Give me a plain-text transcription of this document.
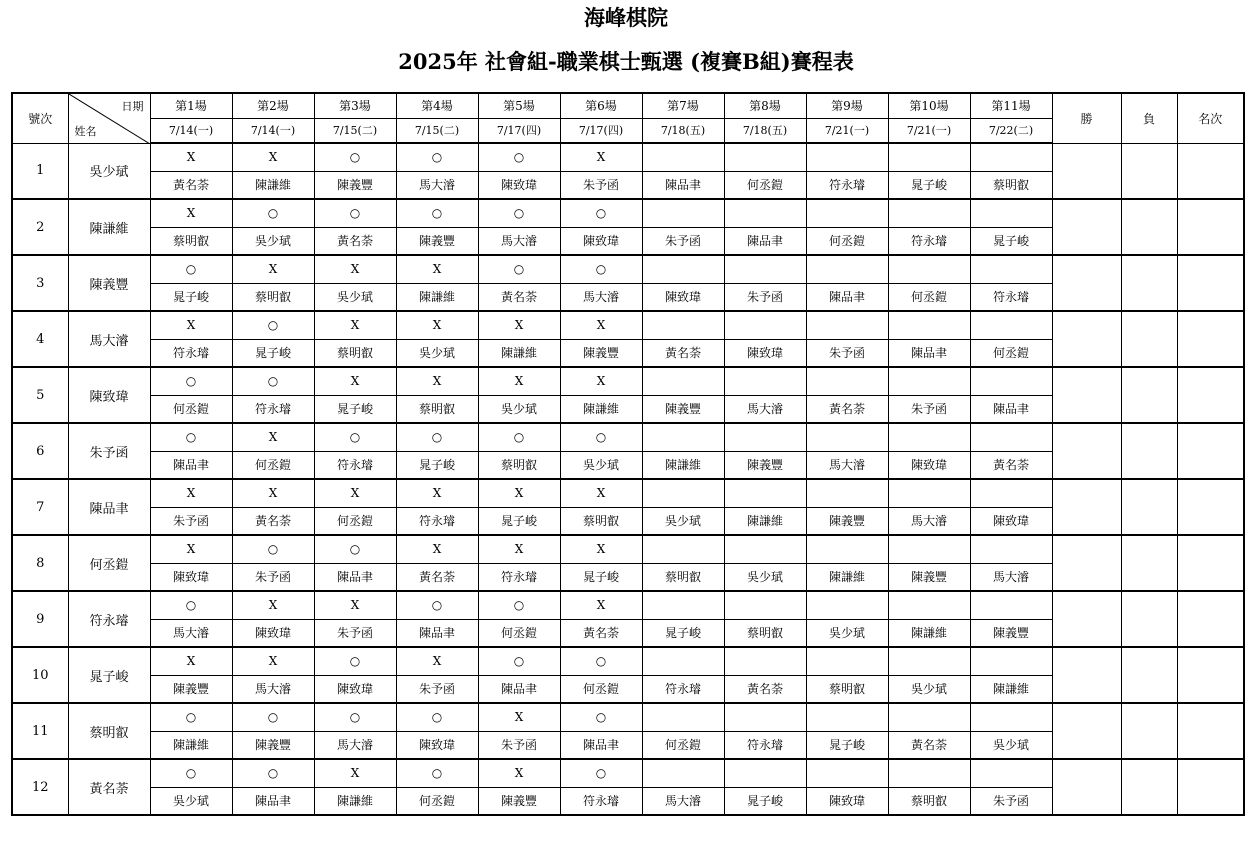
海峰棋院
2025年 社會組-職業棋士甄選 (複賽B組)賽程表
號次	日期
姓名	第1場	第2場	第3場	第4場	第5場	第6場	第7場	第8場	第9場	第10場	第11場	勝	負	名次
		7/14(一)	7/14(一)	7/15(二)	7/15(二)	7/17(四)	7/17(四)	7/18(五)	7/18(五)	7/21(一)	7/21(一)	7/22(二)			
1	吳少珷	X	X	○	○	○	X								
		黃名荼	陳謙維	陳義豐	馬大濬	陳致瑋	朱予函	陳品聿	何丞鎧	符永璿	晁子峻	蔡明叡			
2	陳謙維	X	○	○	○	○	○								
		蔡明叡	吳少珷	黃名荼	陳義豐	馬大濬	陳致瑋	朱予函	陳品聿	何丞鎧	符永璿	晁子峻			
3	陳義豐	○	X	X	X	○	○								
		晁子峻	蔡明叡	吳少珷	陳謙維	黃名荼	馬大濬	陳致瑋	朱予函	陳品聿	何丞鎧	符永璿			
4	馬大濬	X	○	X	X	X	X								
		符永璿	晁子峻	蔡明叡	吳少珷	陳謙維	陳義豐	黃名荼	陳致瑋	朱予函	陳品聿	何丞鎧			
5	陳致瑋	○	○	X	X	X	X								
		何丞鎧	符永璿	晁子峻	蔡明叡	吳少珷	陳謙維	陳義豐	馬大濬	黃名荼	朱予函	陳品聿			
6	朱予函	○	X	○	○	○	○								
		陳品聿	何丞鎧	符永璿	晁子峻	蔡明叡	吳少珷	陳謙維	陳義豐	馬大濬	陳致瑋	黃名荼			
7	陳品聿	X	X	X	X	X	X								
		朱予函	黃名荼	何丞鎧	符永璿	晁子峻	蔡明叡	吳少珷	陳謙維	陳義豐	馬大濬	陳致瑋			
8	何丞鎧	X	○	○	X	X	X								
		陳致瑋	朱予函	陳品聿	黃名荼	符永璿	晁子峻	蔡明叡	吳少珷	陳謙維	陳義豐	馬大濬			
9	符永璿	○	X	X	○	○	X								
		馬大濬	陳致瑋	朱予函	陳品聿	何丞鎧	黃名荼	晁子峻	蔡明叡	吳少珷	陳謙維	陳義豐			
10	晁子峻	X	X	○	X	○	○								
		陳義豐	馬大濬	陳致瑋	朱予函	陳品聿	何丞鎧	符永璿	黃名荼	蔡明叡	吳少珷	陳謙維			
11	蔡明叡	○	○	○	○	X	○								
		陳謙維	陳義豐	馬大濬	陳致瑋	朱予函	陳品聿	何丞鎧	符永璿	晁子峻	黃名荼	吳少珷			
12	黃名荼	○	○	X	○	X	○								
		吳少珷	陳品聿	陳謙維	何丞鎧	陳義豐	符永璿	馬大濬	晁子峻	陳致瑋	蔡明叡	朱予函			
